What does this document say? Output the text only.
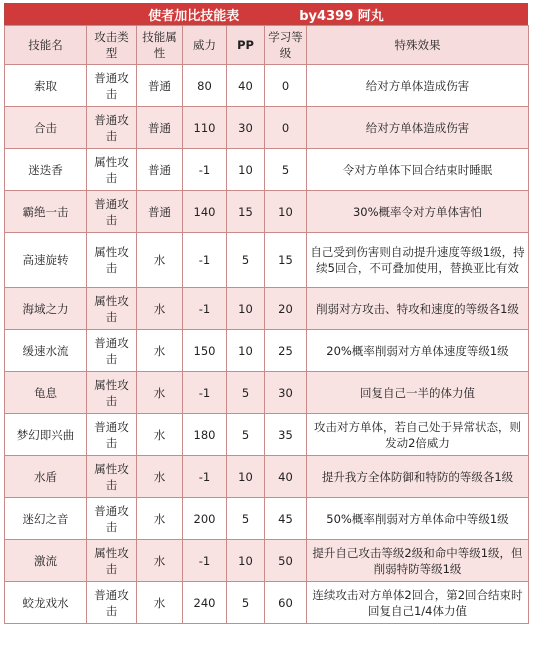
使者加比技能表	by4399 阿丸
技能名	攻击类型	技能属性	威力	PP	学习等级	特殊效果
索取	普通攻击	普通	80	40	0	给对方单体造成伤害
合击	普通攻击	普通	110	30	0	给对方单体造成伤害
迷迭香	属性攻击	普通	-1	10	5	令对方单体下回合结束时睡眠
霸绝一击	普通攻击	普通	140	15	10	30%概率令对方单体害怕
高速旋转	属性攻击	水	-1	5	15	自己受到伤害则自动提升速度等级1级，持续5回合，不可叠加使用，替换亚比有效
海域之力	属性攻击	水	-1	10	20	削弱对方攻击、特攻和速度的等级各1级
缓速水流	普通攻击	水	150	10	25	20%概率削弱对方单体速度等级1级
龟息	属性攻击	水	-1	5	30	回复自己一半的体力值
梦幻即兴曲	普通攻击	水	180	5	35	攻击对方单体，若自己处于异常状态，则发动2倍威力
水盾	属性攻击	水	-1	10	40	提升我方全体防御和特防的等级各1级
迷幻之音	普通攻击	水	200	5	45	50%概率削弱对方单体命中等级1级
激流	属性攻击	水	-1	10	50	提升自己攻击等级2级和命中等级1级，但削弱特防等级1级
蛟龙戏水	普通攻击	水	240	5	60	连续攻击对方单体2回合，第2回合结束时回复自己1/4体力值
